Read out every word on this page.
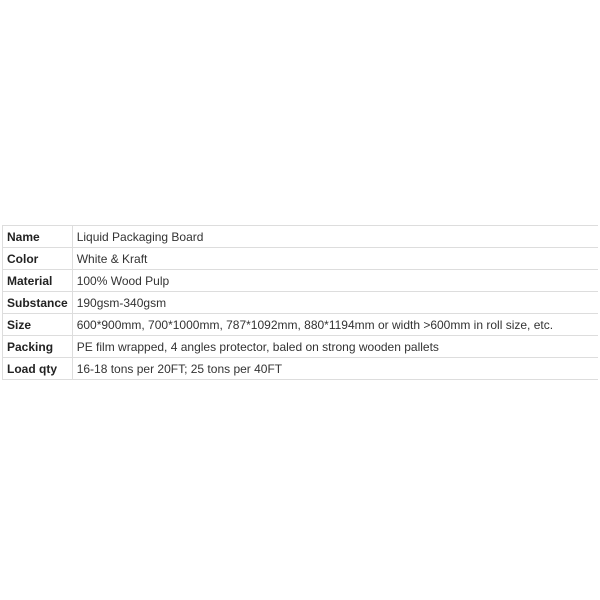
Name	Liquid Packaging Board
Color	White & Kraft
Material	100% Wood Pulp
Substance	190gsm-340gsm
Size	600*900mm, 700*1000mm, 787*1092mm, 880*1194mm or width >600mm in roll size, etc.
Packing	PE film wrapped, 4 angles protector, baled on strong wooden pallets
Load qty	16-18 tons per 20FT; 25 tons per 40FT
